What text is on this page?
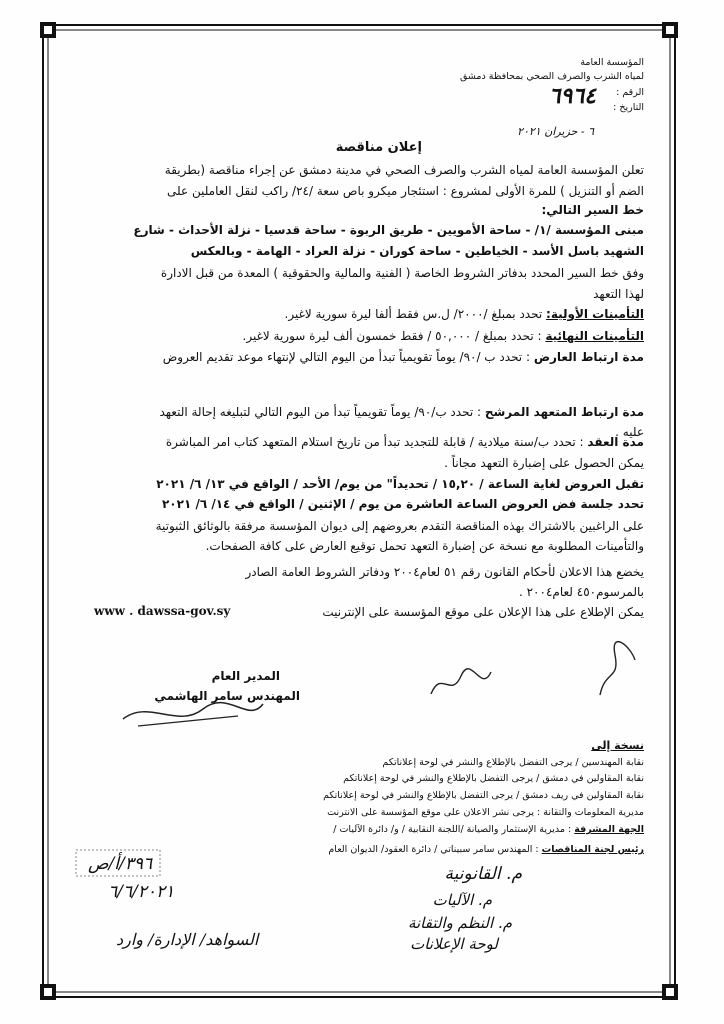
المؤسسة العامة
لمياه الشرب والصرف الصحي بمحافظة دمشق
الرقم :
التاريخ :
٦٩٦٤
٦ - حزيران ٢٠٢١
إعلان مناقصة
تعلن المؤسسة العامة لمياه الشرب والصرف الصحي في مدينة دمشق عن إجراء مناقصة (بطريقة
الضم أو التنزيل ) للمرة الأولى لمشروع : استئجار ميكرو باص سعة /٢٤/ راكب لنقل العاملين على
خط السير التالي:
مبنى المؤسسة /١/ - ساحة الأمويين - طريق الربوة - ساحة قدسيا - نزلة الأحداث - شارع
الشهيد باسل الأسد - الخياطين - ساحة كوران - نزلة العراد - الهامة - وبالعكس
وفق خط السير المحدد بدفاتر الشروط الخاصة ( الفنية والمالية والحقوقية ) المعدة من قبل الادارة
لهذا التعهد
التأمينات الأولية: تحدد بمبلغ /٢٠٠٠/ ل.س فقط ألفا ليرة سورية لاغير.
التأمينات النهائية : تحدد بمبلغ / ٥٠,٠٠٠ / فقط خمسون ألف ليرة سورية لاغير.
مدة ارتباط العارض : تحدد ب /٩٠/ يوماً تقويمياً تبدأ من اليوم التالي لإنتهاء موعد تقديم العروض
مدة ارتباط المتعهد المرشح : تحدد ب/٩٠/ يوماً تقويمياً تبدأ من اليوم التالي لتبليغه إحالة التعهد
عليه .
مدة العقد : تحدد ب/سنة ميلادية / قابلة للتجديد تبدأ من تاريخ استلام المتعهد كتاب امر المباشرة
يمكن الحصول على إضبارة التعهد مجاناً .
تقبل العروض لغاية الساعة / ١٥,٢٠ / تحديداً" من يوم/ الأحد / الواقع في ١٣/ ٦/ ٢٠٢١
تحدد جلسة فض العروض الساعة العاشرة من يوم / الإثنين / الواقع في ١٤/ ٦/ ٢٠٢١
على الراغبين بالاشتراك بهذه المناقصة التقدم بعروضهم إلى ديوان المؤسسة مرفقة بالوثائق الثبوتية
والتأمينات المطلوبة مع نسخة عن إضبارة التعهد تحمل توقيع العارض على كافة الصفحات.
يخضع هذا الاعلان لأحكام القانون رقم ٥١ لعام٢٠٠٤ ودفاتر الشروط العامة الصادر
بالمرسوم٤٥٠ لعام٢٠٠٤ .
يمكن الإطلاع على هذا الإعلان على موقع المؤسسة على الإنترنيت
www . dawssa-gov.sy
المدير العام
المهندس سامر الهاشمي
نسخة إلى
نقابة المهندسين / يرجى التفضل بالإطلاع والنشر في لوحة إعلاناتكم
نقابة المقاولين في دمشق / يرجى التفضل بالإطلاع والنشر في لوحة إعلاناتكم
نقابة المقاولين في ريف دمشق / يرجى التفضل بالإطلاع والنشر في لوحة إعلاناتكم
مديرية المعلومات والتقانة : يرجى نشر الاعلان على موقع المؤسسة على الانترنت
الجهة المشرفة : مديرية الإستثمار والصيانة /اللجنة النقابية / و/ دائرة الآليات /
رئيس لجنة المناقصات : المهندس سامر سبيناتي / دائرة العقود/ الديوان العام
م. القانونية
م. الآليات
م. النظم والتقانة
لوحة الإعلانات
٣٩٦/أ/ص
٦/٦/٢٠٢١
السواهد/ الإدارة/ وارد
